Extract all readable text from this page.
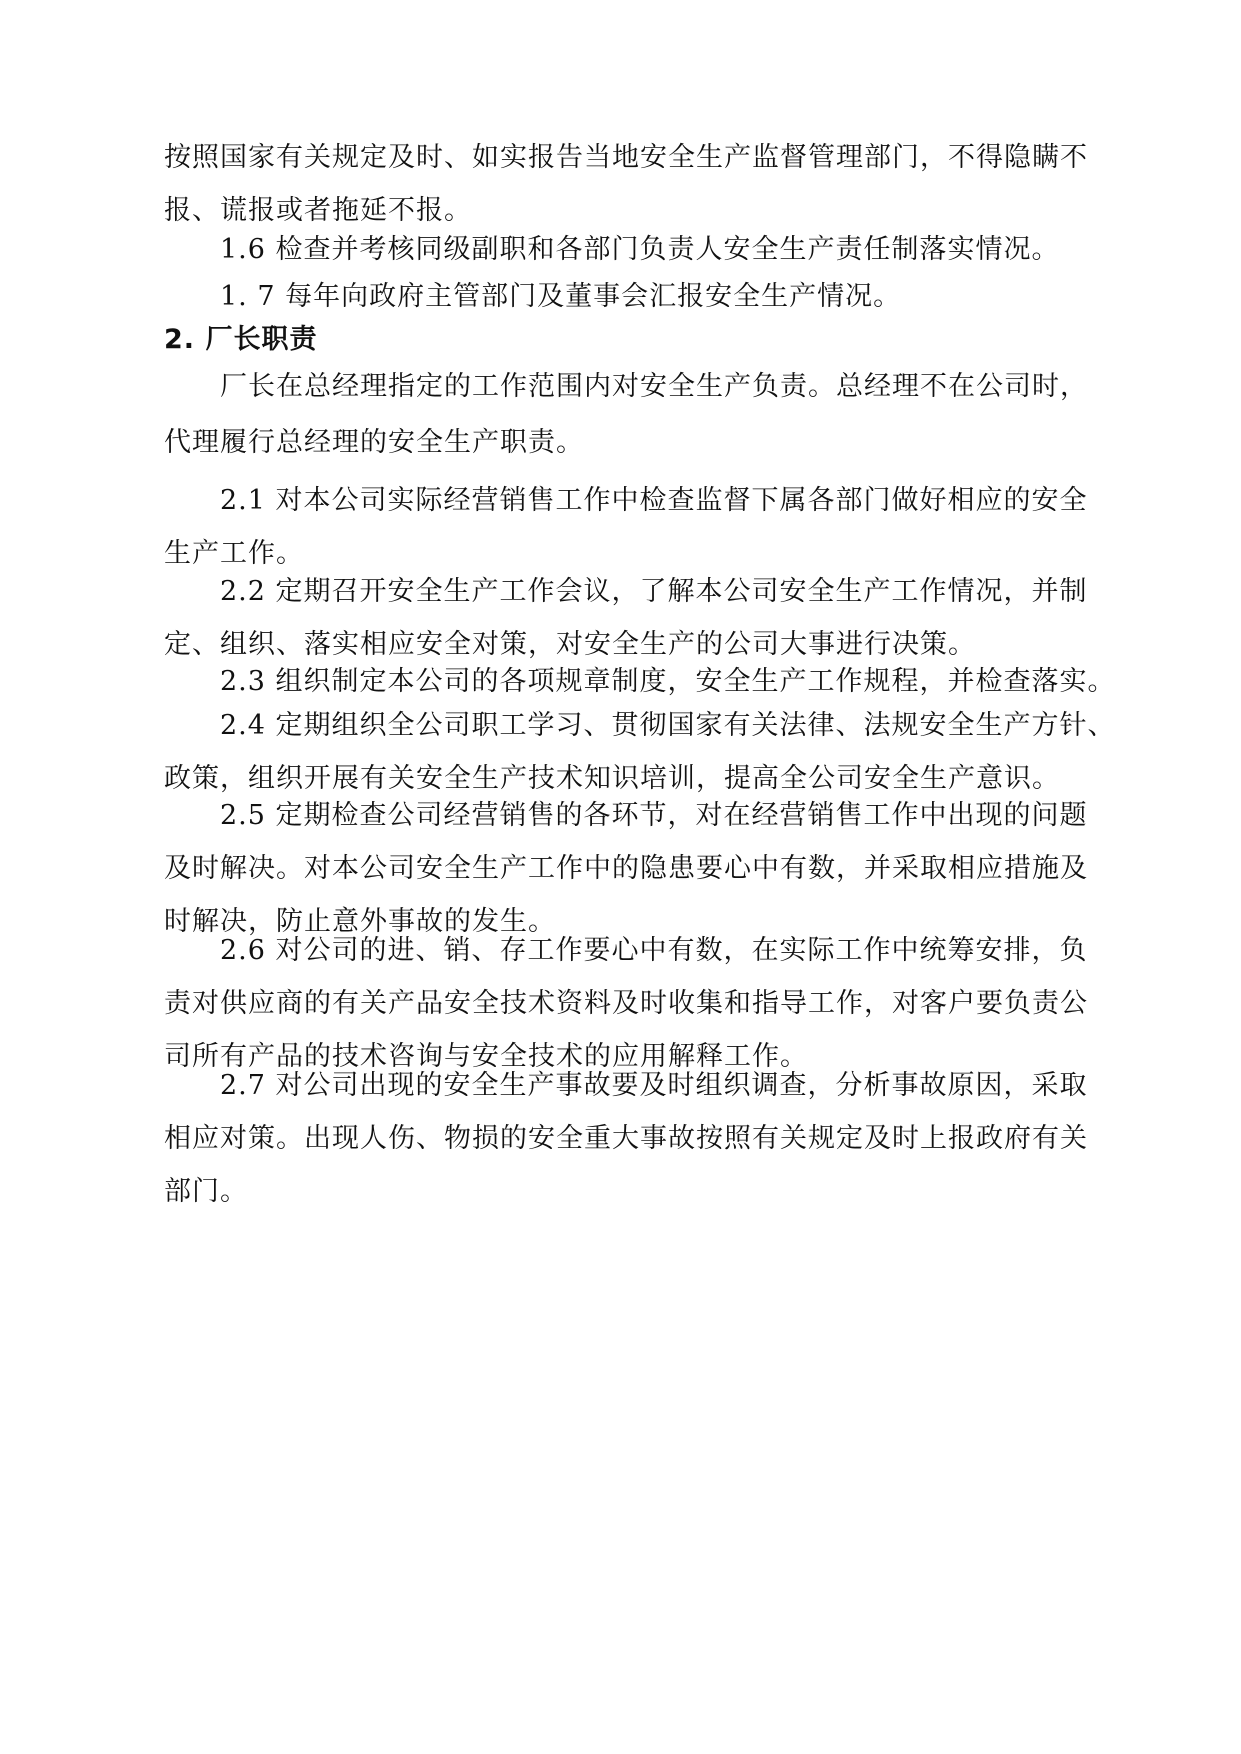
按照国家有关规定及时、如实报告当地安全生产监督管理部门，不得隐瞒不
报、谎报或者拖延不报。
1.6 检查并考核同级副职和各部门负责人安全生产责任制落实情况。
1. 7 每年向政府主管部门及董事会汇报安全生产情况。
2. 厂长职责
厂长在总经理指定的工作范围内对安全生产负责。总经理不在公司时，
代理履行总经理的安全生产职责。
2.1 对本公司实际经营销售工作中检查监督下属各部门做好相应的安全
生产工作。
2.2 定期召开安全生产工作会议，了解本公司安全生产工作情况，并制
定、组织、落实相应安全对策，对安全生产的公司大事进行决策。
2.3 组织制定本公司的各项规章制度，安全生产工作规程，并检查落实。
2.4 定期组织全公司职工学习、贯彻国家有关法律、法规安全生产方针、
政策，组织开展有关安全生产技术知识培训，提高全公司安全生产意识。
2.5 定期检查公司经营销售的各环节，对在经营销售工作中出现的问题
及时解决。对本公司安全生产工作中的隐患要心中有数，并采取相应措施及
时解决，防止意外事故的发生。
2.6 对公司的进、销、存工作要心中有数，在实际工作中统筹安排，负
责对供应商的有关产品安全技术资料及时收集和指导工作，对客户要负责公
司所有产品的技术咨询与安全技术的应用解释工作。
2.7 对公司出现的安全生产事故要及时组织调查，分析事故原因，采取
相应对策。出现人伤、物损的安全重大事故按照有关规定及时上报政府有关
部门。
